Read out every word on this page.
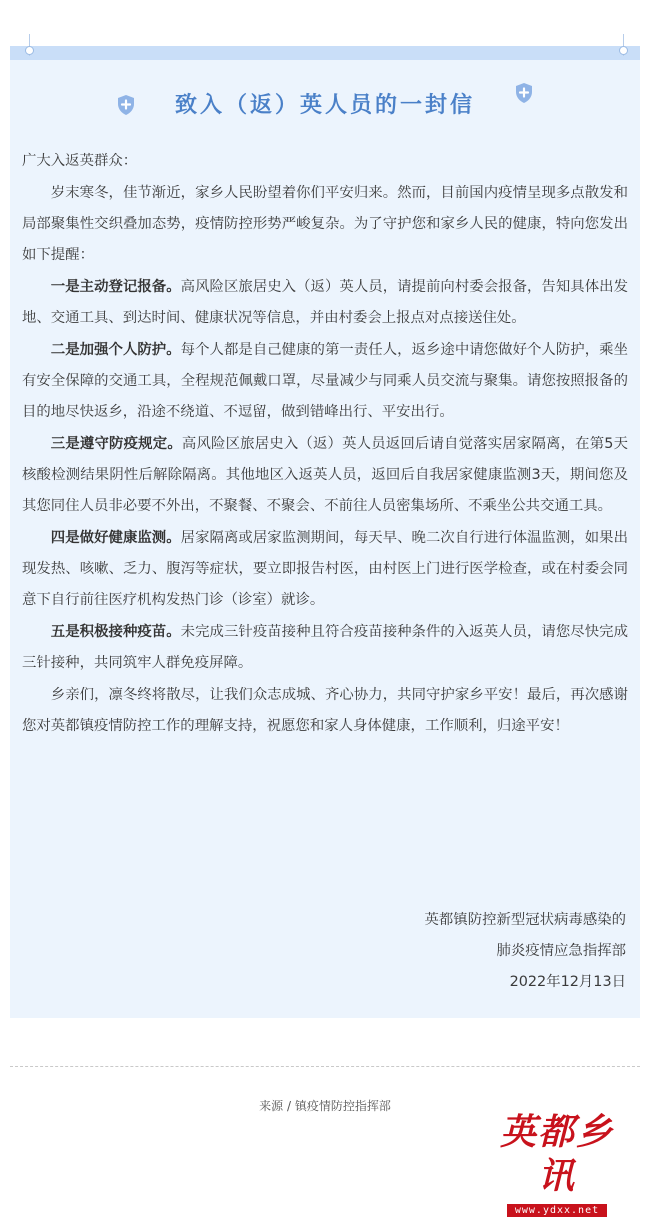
致入（返）英人员的一封信

广大入返英群众：

岁末寒冬，佳节渐近，家乡人民盼望着你们平安归来。然而，目前国内疫情呈现多点散发和局部聚集性交织叠加态势，疫情防控形势严峻复杂。为了守护您和家乡人民的健康，特向您发出如下提醒：

一是主动登记报备。高风险区旅居史入（返）英人员，请提前向村委会报备，告知具体出发地、交通工具、到达时间、健康状况等信息，并由村委会上报点对点接送住处。

二是加强个人防护。每个人都是自己健康的第一责任人，返乡途中请您做好个人防护，乘坐有安全保障的交通工具，全程规范佩戴口罩，尽量减少与同乘人员交流与聚集。请您按照报备的目的地尽快返乡，沿途不绕道、不逗留，做到错峰出行、平安出行。

三是遵守防疫规定。高风险区旅居史入（返）英人员返回后请自觉落实居家隔离，在第5天核酸检测结果阴性后解除隔离。其他地区入返英人员，返回后自我居家健康监测3天，期间您及其您同住人员非必要不外出，不聚餐、不聚会、不前往人员密集场所、不乘坐公共交通工具。

四是做好健康监测。居家隔离或居家监测期间，每天早、晚二次自行进行体温监测，如果出现发热、咳嗽、乏力、腹泻等症状，要立即报告村医，由村医上门进行医学检查，或在村委会同意下自行前往医疗机构发热门诊（诊室）就诊。

五是积极接种疫苗。未完成三针疫苗接种且符合疫苗接种条件的入返英人员，请您尽快完成三针接种，共同筑牢人群免疫屏障。

乡亲们，凛冬终将散尽，让我们众志成城、齐心协力，共同守护家乡平安！最后，再次感谢您对英都镇疫情防控工作的理解支持，祝愿您和家人身体健康，工作顺利，归途平安！

英都镇防控新型冠状病毒感染的
肺炎疫情应急指挥部
2022年12月13日
来源 / 镇疫情防控指挥部
英都乡讯
www.ydxx.net
